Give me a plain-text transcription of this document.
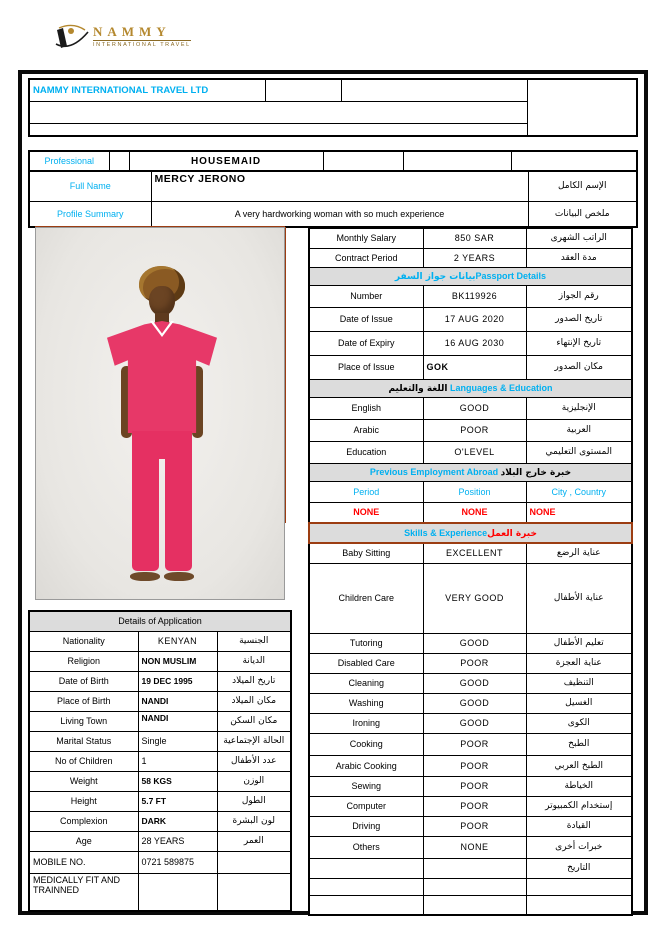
NAMMY
INTERNATIONAL TRAVEL
NAMMY INTERNATIONAL TRAVEL LTD			

Professional		HOUSEMAID			
Full Name	MERCY JERONO	الإسم الكامل
Profile Summary	A very hardworking woman with so much experience	ملخص البيانات
Monthly Salary	850 SAR	الراتب الشهرى
Contract Period	2 YEARS	مدة العقد
بيانات جواز السفرPassport Details		
Number	BK119926	رقم الجواز
Date of Issue	17 AUG 2020	تاريخ الصدور
Date of Expiry	16 AUG 2030	تاريخ الإنتهاء
Place of Issue	GOK	مكان الصدور
اللغة والتعليم Languages & Education		
English	GOOD	الإنجليزية
Arabic	POOR	العربية
Education	O'LEVEL	المستوى التعليمي
Previous Employment Abroad خبرة خارج البلاد		
Period	Position	City , Country
NONE	NONE	NONE
Skills & Experienceخبرة العمل		
Baby Sitting	EXCELLENT	عناية الرضع
Children Care	VERY GOOD	عناية الأطفال
Tutoring	GOOD	تعليم الأطفال
Disabled Care	POOR	عناية العجزة
Cleaning	GOOD	التنظيف
Washing	GOOD	الغسيل
Ironing	GOOD	الكوى
Cooking	POOR	الطبخ
Arabic Cooking	POOR	الطبخ العربي
Sewing	POOR	الخياطة
Computer	POOR	إستخدام الكمبيوتر
Driving	POOR	القيادة
Others	NONE	خبرات أخرى
		التاريخ

Details of Application		
Nationality	KENYAN	الجنسية
Religion	NON MUSLIM	الديانة
Date of Birth	19 DEC 1995	تاريخ الميلاد
Place of Birth	NANDI	مكان الميلاد
Living Town	NANDI	مكان السكن
Marital Status	Single	الحالة الإجتماعية
No of Children	1	عدد الأطفال
Weight	58 KGS	الوزن
Height	5.7 FT	الطول
Complexion	DARK	لون البشرة
Age	28 YEARS	العمر
MOBILE NO.	0721 589875	
MEDICALLY FIT AND TRAINNED		
